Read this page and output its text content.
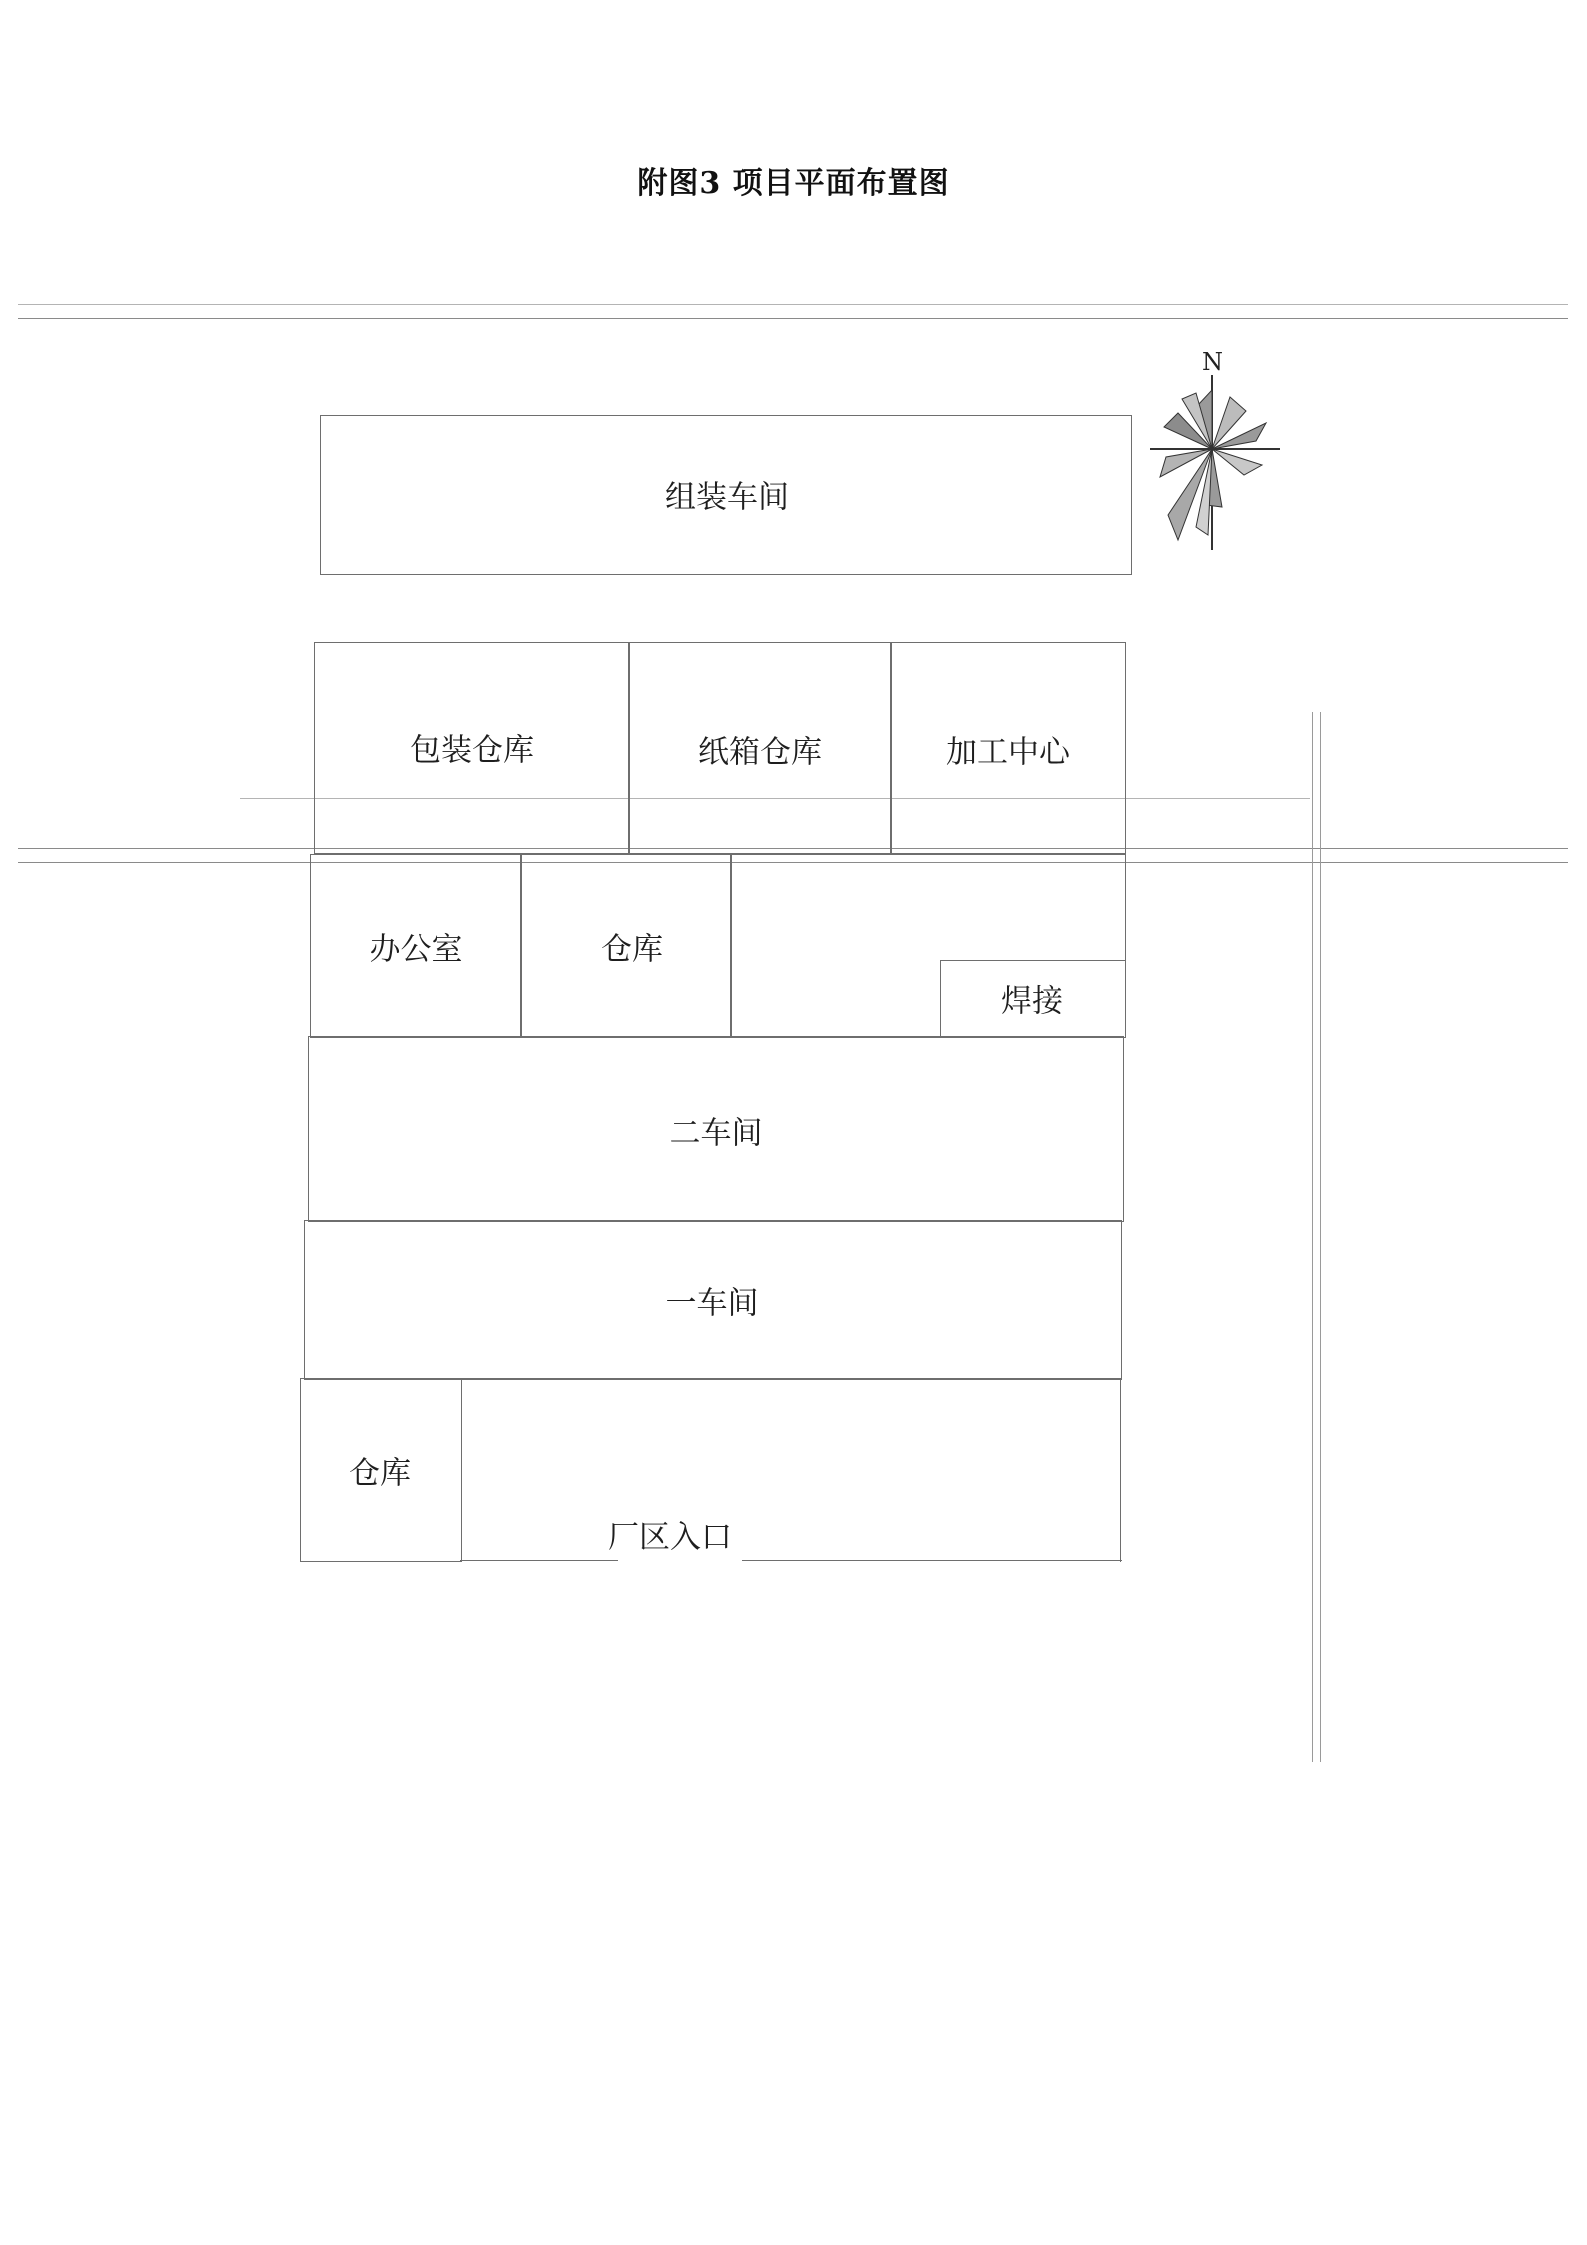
附图3 项目平面布置图
N
组装车间
包装仓库	纸箱仓库	加工中心
办公室	仓库
焊接
二车间
一车间
仓库
厂区入口
